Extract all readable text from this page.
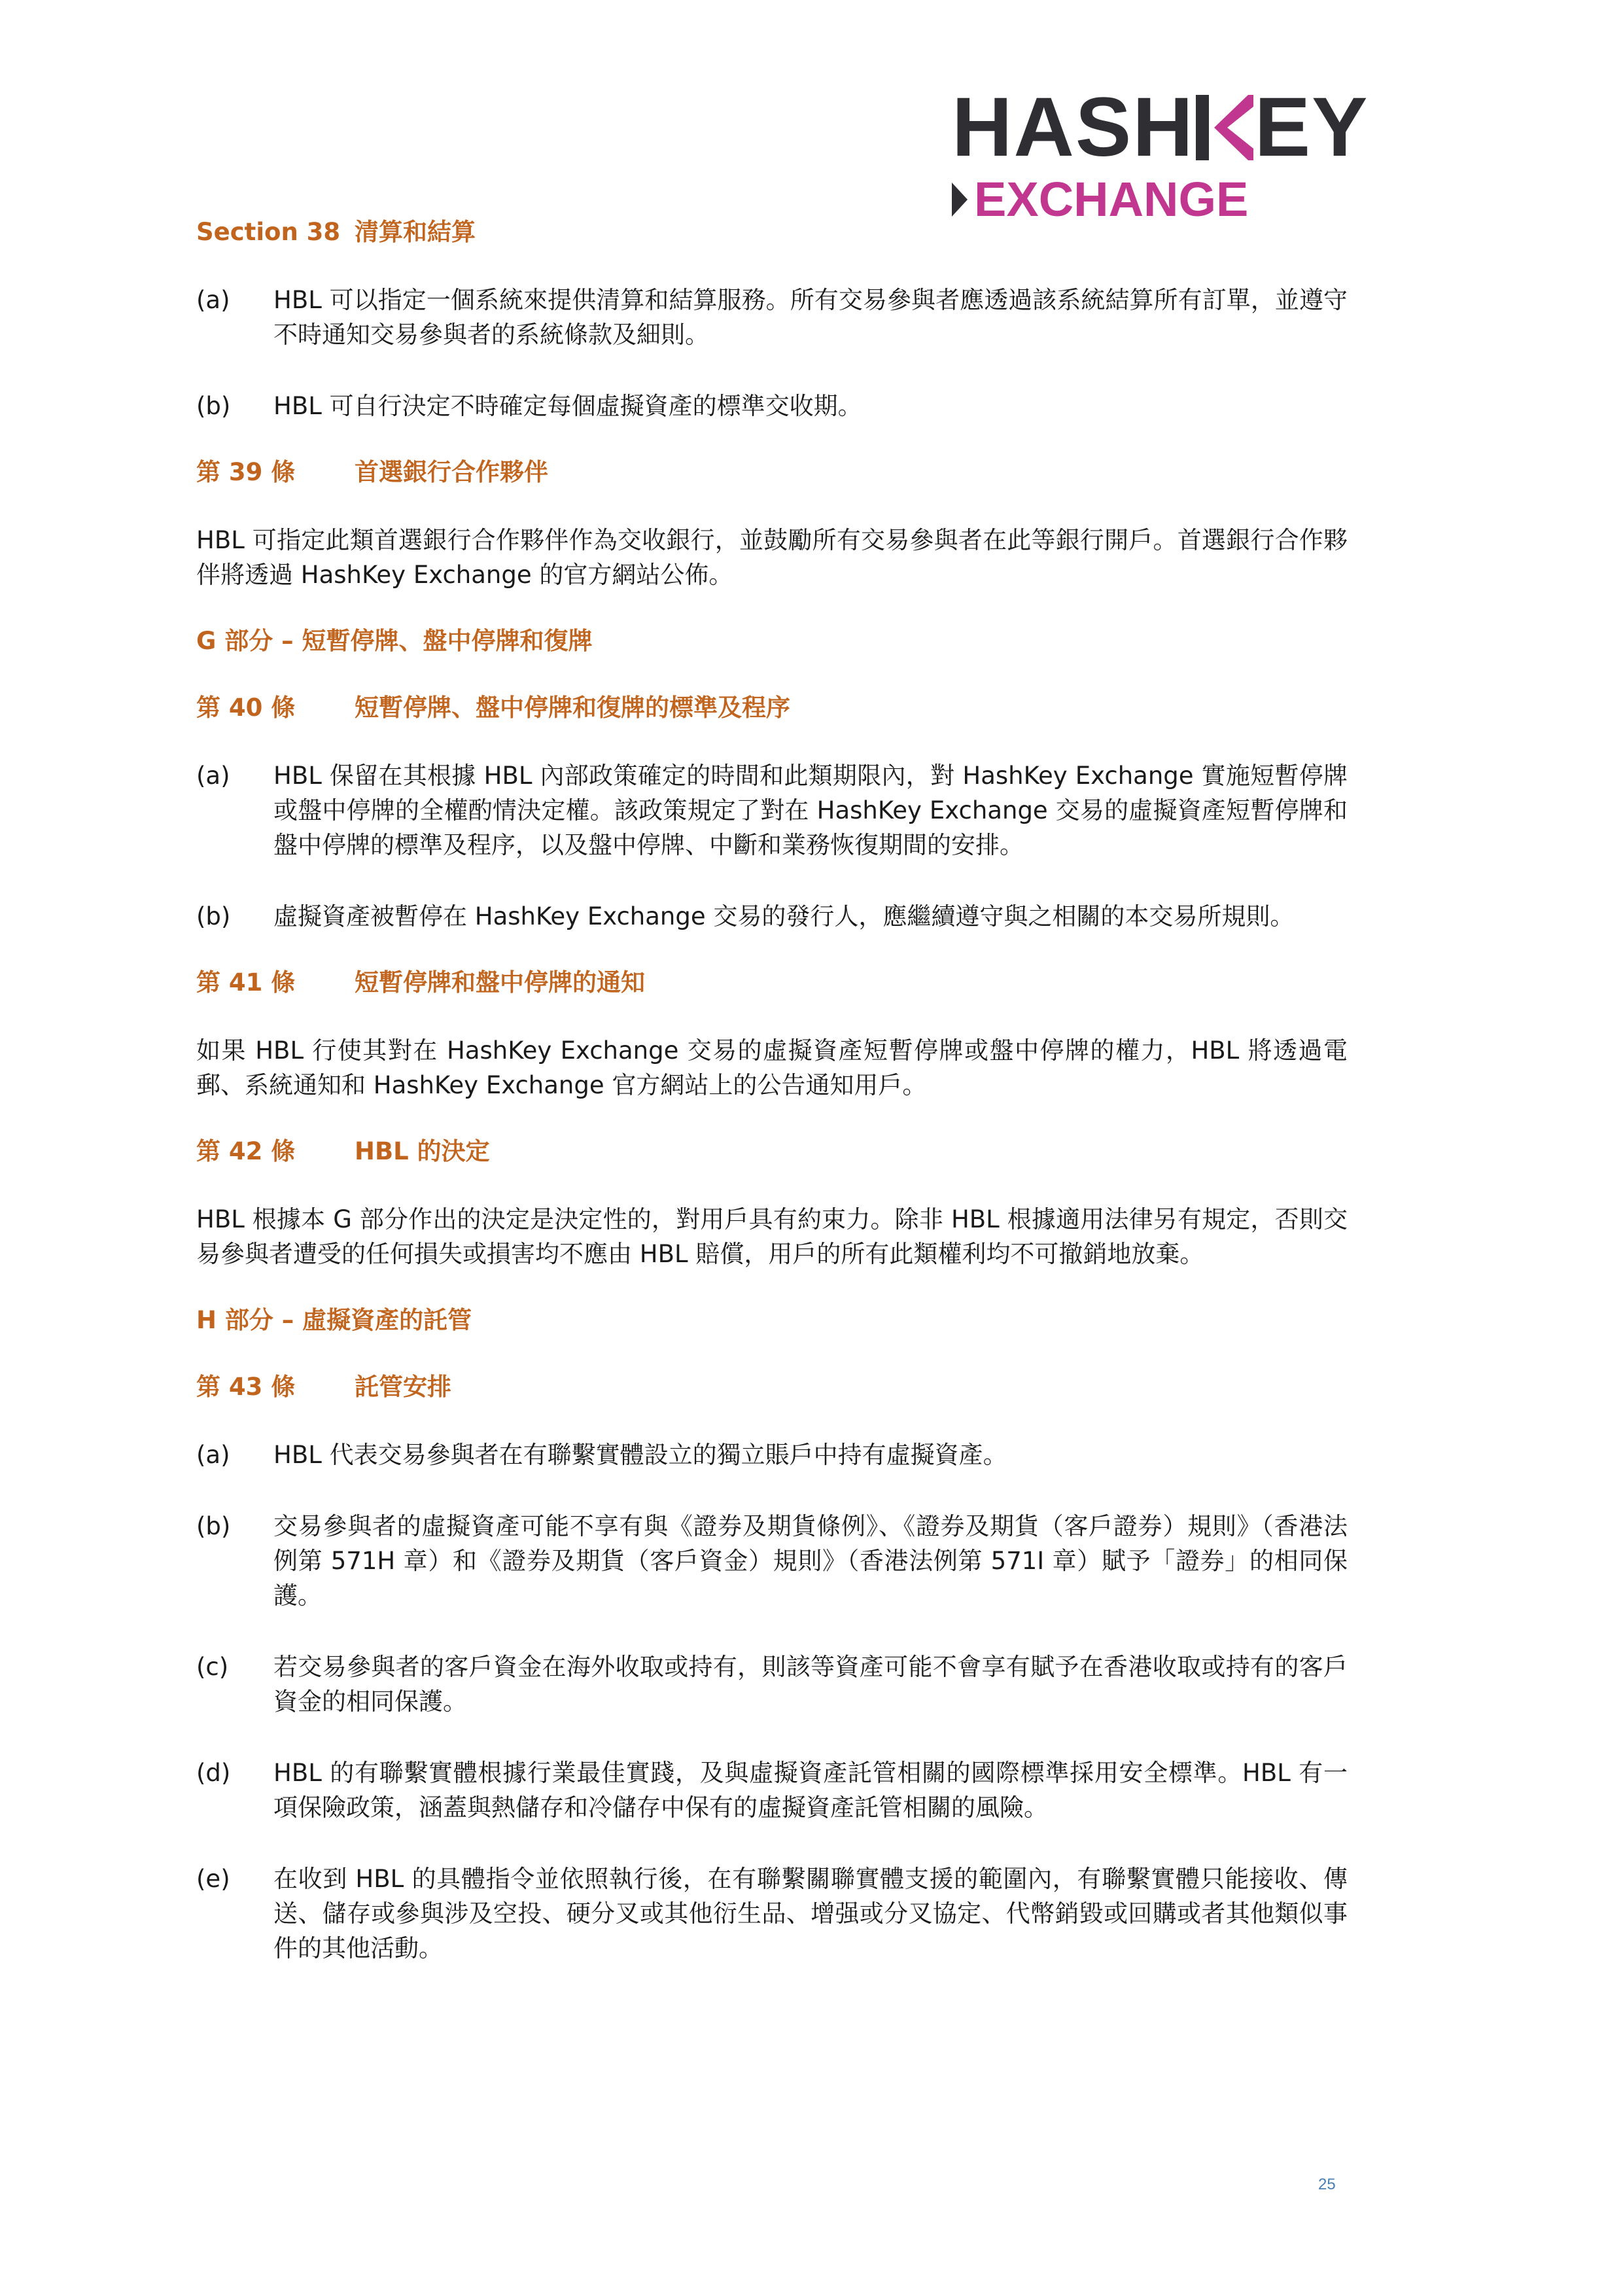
HASH EY
EXCHANGE
Section 38 清算和結算
(a)	HBL 可以指定一個系統來提供清算和結算服務。所有交易參與者應透過該系統結算所有訂單，並遵守不時通知交易參與者的系統條款及細則。
(b)	HBL 可自行決定不時確定每個虛擬資產的標準交收期。
第 39 條	首選銀行合作夥伴
HBL 可指定此類首選銀行合作夥伴作為交收銀行，並鼓勵所有交易參與者在此等銀行開戶。首選銀行合作夥伴將透過 HashKey Exchange 的官方網站公佈。
G 部分 – 短暫停牌、盤中停牌和復牌
第 40 條	短暫停牌、盤中停牌和復牌的標準及程序
(a)	HBL 保留在其根據 HBL 內部政策確定的時間和此類期限內，對 HashKey Exchange 實施短暫停牌或盤中停牌的全權酌情決定權。該政策規定了對在 HashKey Exchange 交易的虛擬資產短暫停牌和盤中停牌的標準及程序，以及盤中停牌、中斷和業務恢復期間的安排。
(b)	虛擬資產被暫停在 HashKey Exchange 交易的發行人，應繼續遵守與之相關的本交易所規則。
第 41 條	短暫停牌和盤中停牌的通知
如果 HBL 行使其對在 HashKey Exchange 交易的虛擬資產短暫停牌或盤中停牌的權力，HBL 將透過電郵、系統通知和 HashKey Exchange 官方網站上的公告通知用戶。
第 42 條	HBL 的決定
HBL 根據本 G 部分作出的決定是決定性的，對用戶具有約束力。除非 HBL 根據適用法律另有規定，否則交易參與者遭受的任何損失或損害均不應由 HBL 賠償，用戶的所有此類權利均不可撤銷地放棄。
H 部分 – 虛擬資產的託管
第 43 條	託管安排
(a)	HBL 代表交易參與者在有聯繫實體設立的獨立賬戶中持有虛擬資產。
(b)	交易參與者的虛擬資產可能不享有與《證券及期貨條例》、《證券及期貨（客戶證券）規則》（香港法例第 571H 章）和《證券及期貨（客戶資金）規則》（香港法例第 571I 章）賦予「證券」的相同保護。
(c)	若交易參與者的客戶資金在海外收取或持有，則該等資產可能不會享有賦予在香港收取或持有的客戶資金的相同保護。
(d)	HBL 的有聯繫實體根據行業最佳實踐，及與虛擬資產託管相關的國際標準採用安全標準。HBL 有一項保險政策，涵蓋與熱儲存和冷儲存中保有的虛擬資產託管相關的風險。
(e)	在收到 HBL 的具體指令並依照執行後，在有聯繫關聯實體支援的範圍內，有聯繫實體只能接收、傳送、儲存或參與涉及空投、硬分叉或其他衍生品、增强或分叉協定、代幣銷毀或回購或者其他類似事件的其他活動。
25
